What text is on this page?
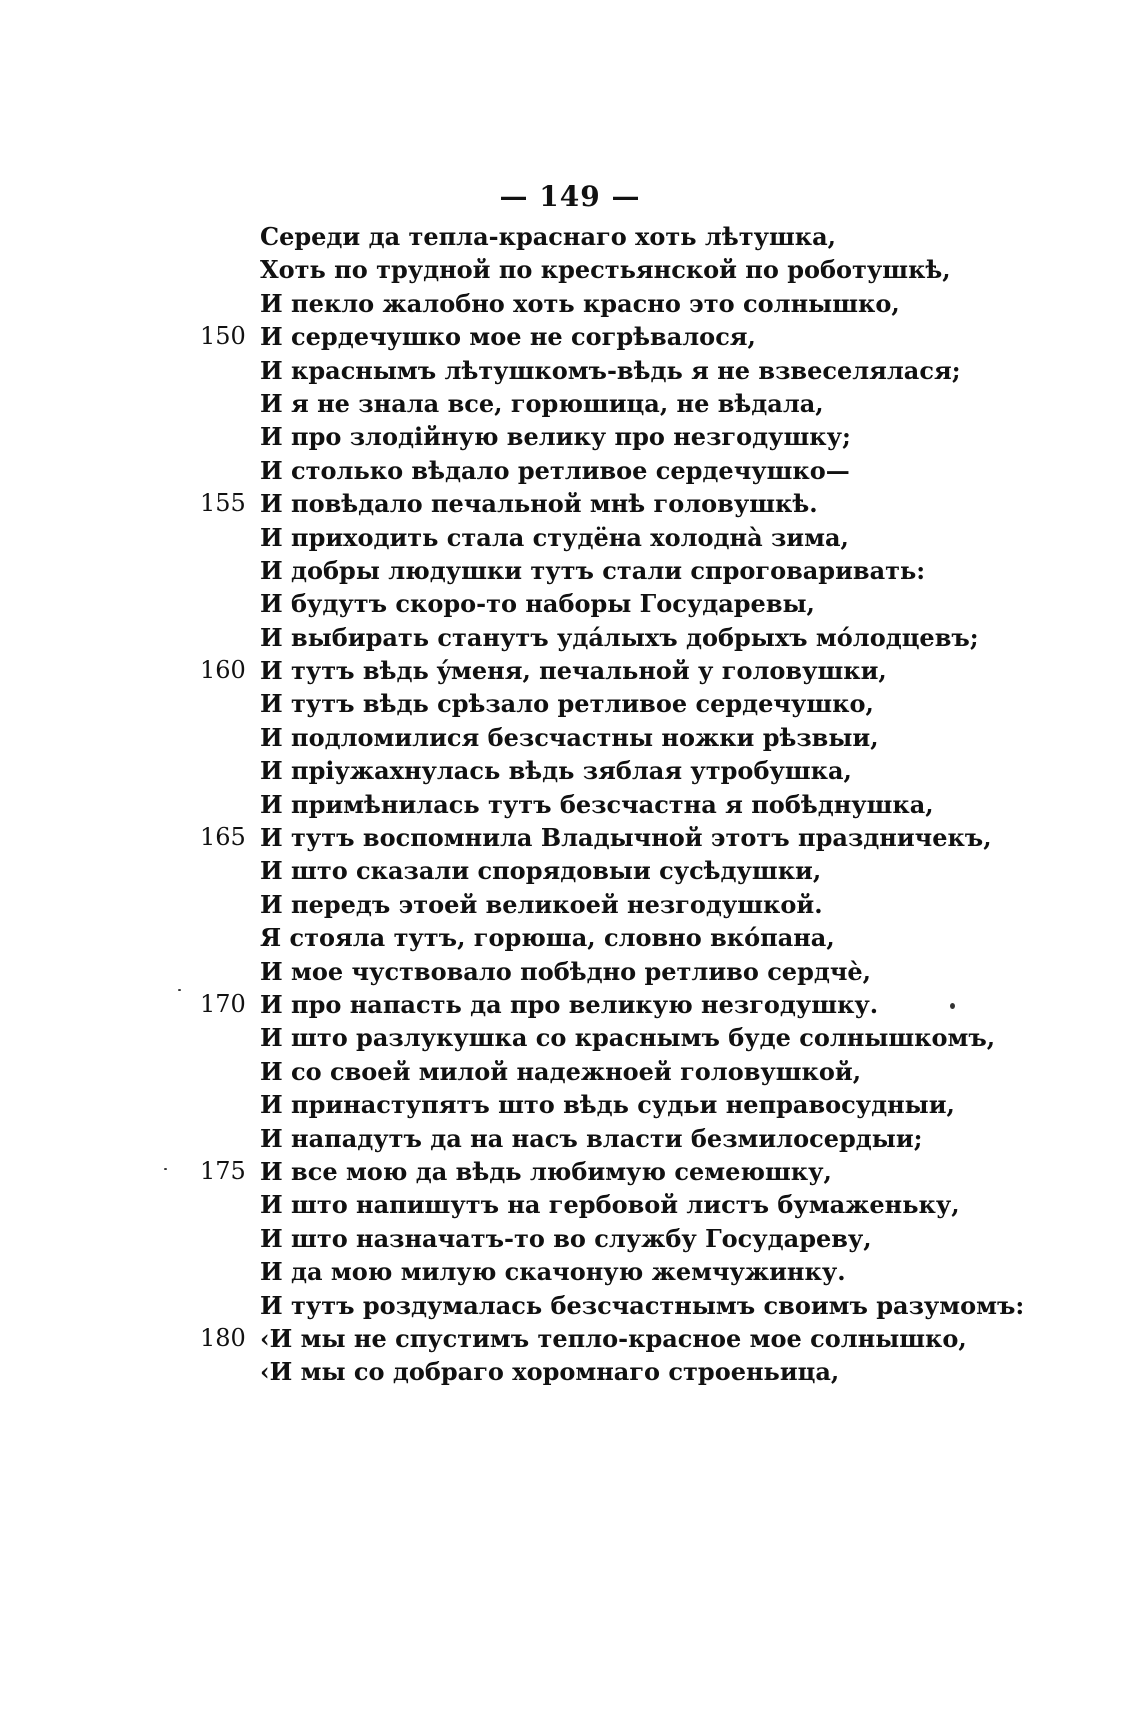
— 149 —
Середи да тепла-краснаго хоть лѣтушка,
Хоть по трудной по крестьянской по роботушкѣ,
И пекло жалобно хоть красно это солнышко,
150 И сердечушко мое не согрѣвалося,
И краснымъ лѣтушкомъ-вѣдь я не взвеселялася;
И я не знала все, горюшица, не вѣдала,
И про злодійную велику про незгодушку;
И столько вѣдало ретливое сердечушко—
155 И повѣдало печальной мнѣ головушкѣ.
И приходить стала студёна холоднà зима,
И добры людушки тутъ стали спроговаривать:
И будутъ скоро-то наборы Государевы,
И выбирать станутъ удáлыхъ добрыхъ мóлодцевъ;
160 И тутъ вѣдь ýменя, печальной у головушки,
И тутъ вѣдь срѣзало ретливое сердечушко,
И подломилися безсчастны ножки рѣзвыи,
И пріужахнулась вѣдь зяблая утробушка,
И примѣнилась тутъ безсчастна я побѣднушка,
165 И тутъ воспомнила Владычной этотъ праздничекъ,
И што сказали спорядовыи сусѣдушки,
И передъ этоей великоей незгодушкой.
Я стояла тутъ, горюша, словно вкóпана,
И мое чуствовало побѣдно ретливо сердчѐ,
170 И про напасть да про великую незгодушку.
И што разлукушка со краснымъ буде солнышкомъ,
И со своей милой надежноей головушкой,
И принаступятъ што вѣдь судьи неправосудныи,
И нападутъ да на насъ власти безмилосердыи;
175 И все мою да вѣдь любимую семеюшку,
И што напишутъ на гербовой листъ бумаженьку,
И што назначатъ-то во службу Государеву,
И да мою милую скачоную жемчужинку.
И тутъ роздумалась безсчастнымъ своимъ разумомъ:
180 ‹И мы не спустимъ тепло-красное мое солнышко,
‹И мы со добраго хоромнаго строеньица,
